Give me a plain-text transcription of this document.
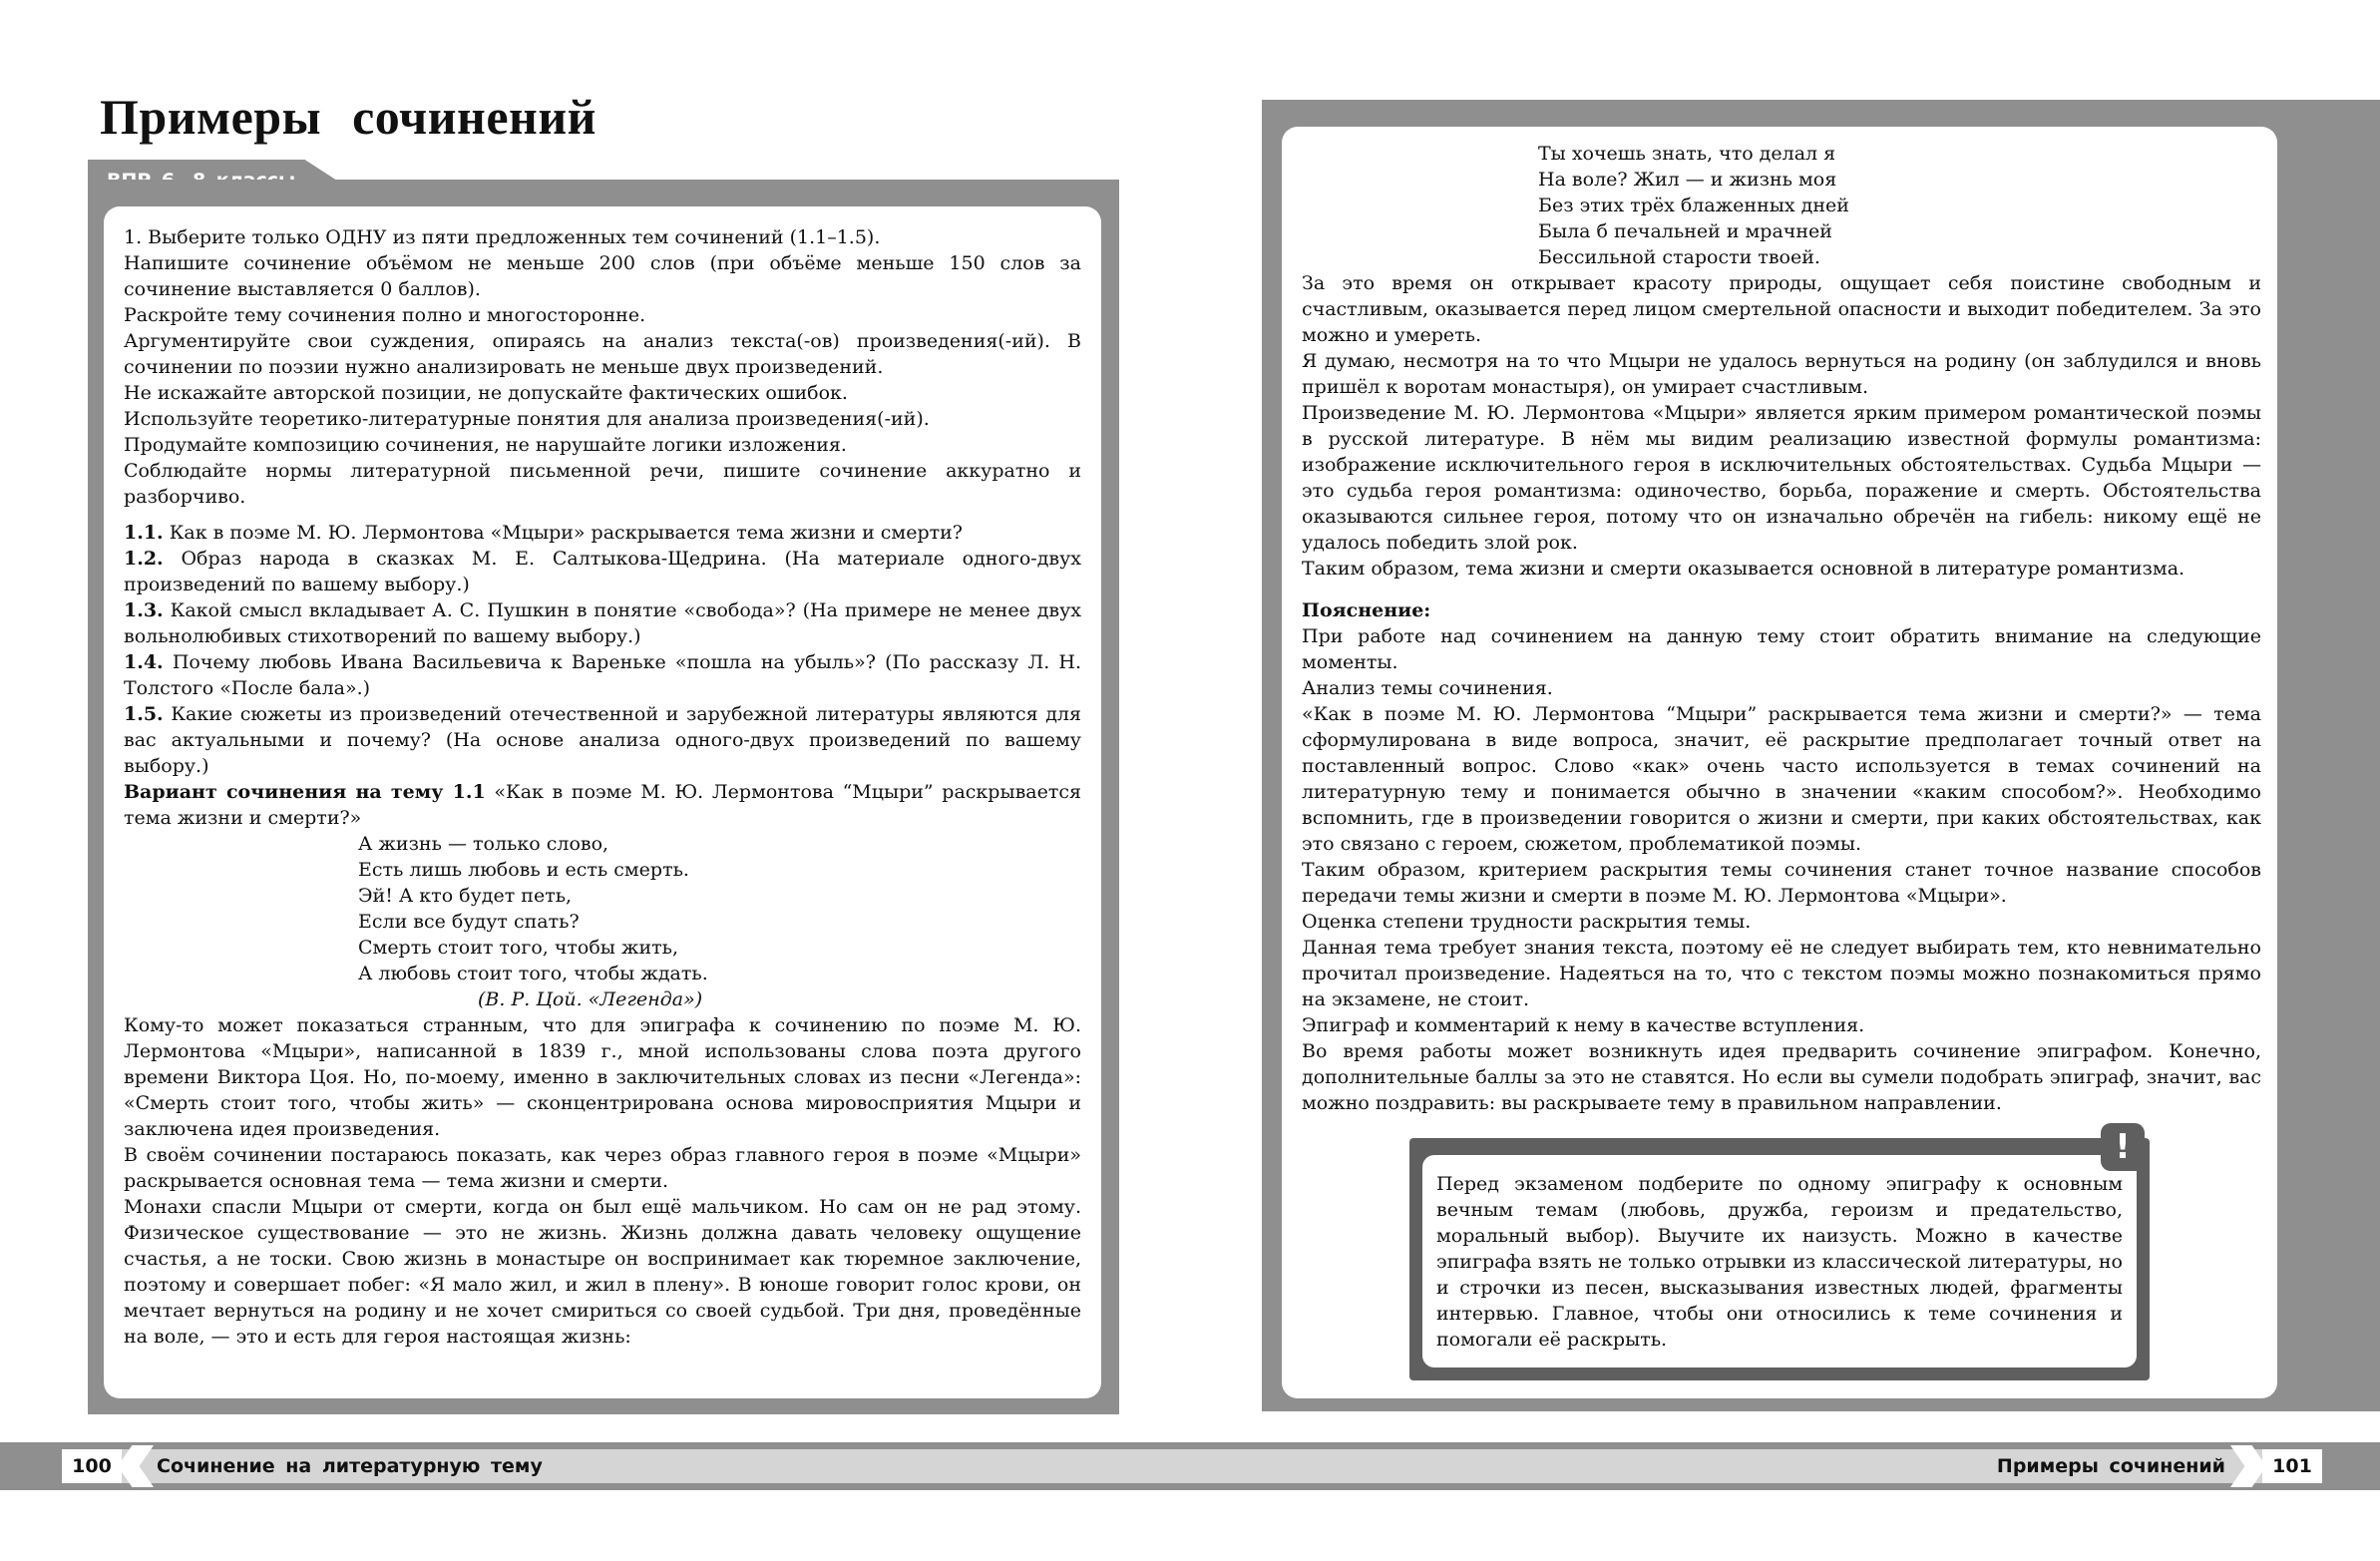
Примеры сочинений

1. Выберите только ОДНУ из пяти предложенных тем сочинений (1.1–1.5).

Напишите сочинение объёмом не меньше 200 слов (при объёме меньше 150 слов за сочинение выставляется 0 баллов).

Раскройте тему сочинения полно и многосторонне.

Аргументируйте свои суждения, опираясь на анализ текста(-ов) произведения(-ий). В сочинении по поэзии нужно анализировать не меньше двух произведений.

Не искажайте авторской позиции, не допускайте фактических ошибок.

Используйте теоретико-литературные понятия для анализа произведения(-ий).

Продумайте композицию сочинения, не нарушайте логики изложения.

Соблюдайте нормы литературной письменной речи, пишите сочинение аккуратно и разборчиво.

1.1. Как в поэме М. Ю. Лермонтова «Мцыри» раскрывается тема жизни и смерти?

1.2. Образ народа в сказках М. Е. Салтыкова-Щедрина. (На материале одного-двух произведений по вашему выбору.)

1.3. Какой смысл вкладывает А. С. Пушкин в понятие «свобода»? (На примере не менее двух вольнолюбивых стихотворений по вашему выбору.)

1.4. Почему любовь Ивана Васильевича к Вареньке «пошла на убыль»? (По рассказу Л. Н. Толстого «После бала».)

1.5. Какие сюжеты из произведений отечественной и зарубежной литературы являются для вас актуальными и почему? (На основе анализа одного-двух произведений по вашему выбору.)

Вариант сочинения на тему 1.1 «Как в поэме М. Ю. Лермонтова “Мцыри” раскрывается тема жизни и смерти?»

А жизнь — только слово,
Есть лишь любовь и есть смерть.
Эй! А кто будет петь,
Если все будут спать?
Смерть стоит того, чтобы жить,
А любовь стоит того, чтобы ждать.
(В. Р. Цой. «Легенда»)

Кому-то может показаться странным, что для эпиграфа к сочинению по поэме М. Ю. Лермонтова «Мцыри», написанной в 1839 г., мной использованы слова поэта другого времени Виктора Цоя. Но, по-моему, именно в заключительных словах из песни «Легенда»: «Смерть стоит того, чтобы жить» — сконцентрирована основа мировосприятия Мцыри и заключена идея произведения.

В своём сочинении постараюсь показать, как через образ главного героя в поэме «Мцыри» раскрывается основная тема — тема жизни и смерти.

Монахи спасли Мцыри от смерти, когда он был ещё мальчиком. Но сам он не рад этому. Физическое существование — это не жизнь. Жизнь должна давать человеку ощущение счастья, а не тоски. Свою жизнь в монастыре он воспринимает как тюремное заключение, поэтому и совершает побег: «Я мало жил, и жил в плену». В юноше говорит голос крови, он мечтает вернуться на родину и не хочет смириться со своей судьбой. Три дня, проведённые на воле, — это и есть для героя настоящая жизнь:

Ты хочешь знать, что делал я
На воле? Жил — и жизнь моя
Без этих трёх блаженных дней
Была б печальней и мрачней
Бессильной старости твоей.

За это время он открывает красоту природы, ощущает себя поистине свободным и счастливым, оказывается перед лицом смертельной опасности и выходит победителем. За это можно и умереть.

Я думаю, несмотря на то что Мцыри не удалось вернуться на родину (он заблудился и вновь пришёл к воротам монастыря), он умирает счастливым.

Произведение М. Ю. Лермонтова «Мцыри» является ярким примером романтической поэмы в русской литературе. В нём мы видим реализацию известной формулы романтизма: изображение исключительного героя в исключительных обстоятельствах. Судьба Мцыри — это судьба героя романтизма: одиночество, борьба, поражение и смерть. Обстоятельства оказываются сильнее героя, потому что он изначально обречён на гибель: никому ещё не удалось победить злой рок.

Таким образом, тема жизни и смерти оказывается основной в литературе романтизма.

Пояснение:

При работе над сочинением на данную тему стоит обратить внимание на следующие моменты.

Анализ темы сочинения.

«Как в поэме М. Ю. Лермонтова “Мцыри” раскрывается тема жизни и смерти?» — тема сформулирована в виде вопроса, значит, её раскрытие предполагает точный ответ на поставленный вопрос. Слово «как» очень часто используется в темах сочинений на литературную тему и понимается обычно в значении «каким способом?». Необходимо вспомнить, где в произведении говорится о жизни и смерти, при каких обстоятельствах, как это связано с героем, сюжетом, проблематикой поэмы.

Таким образом, критерием раскрытия темы сочинения станет точное название способов передачи темы жизни и смерти в поэме М. Ю. Лермонтова «Мцыри».

Оценка степени трудности раскрытия темы.

Данная тема требует знания текста, поэтому её не следует выбирать тем, кто невнимательно прочитал произведение. Надеяться на то, что с текстом поэмы можно познакомиться прямо на экзамене, не стоит.

Эпиграф и комментарий к нему в качестве вступления.

Во время работы может возникнуть идея предварить сочинение эпиграфом. Конечно, дополнительные баллы за это не ставятся. Но если вы сумели подобрать эпиграф, значит, вас можно поздравить: вы раскрываете тему в правильном направлении.

Перед экзаменом подберите по одному эпиграфу к основным вечным темам (любовь, дружба, героизм и предательство, моральный выбор). Выучите их наизусть. Можно в качестве эпиграфа взять не только отрывки из классической литературы, но и строчки из песен, высказывания известных людей, фрагменты интервью. Главное, чтобы они относились к теме сочинения и помогали её раскрыть.
!
100	Сочинение на литературную тему	Примеры сочинений	101
